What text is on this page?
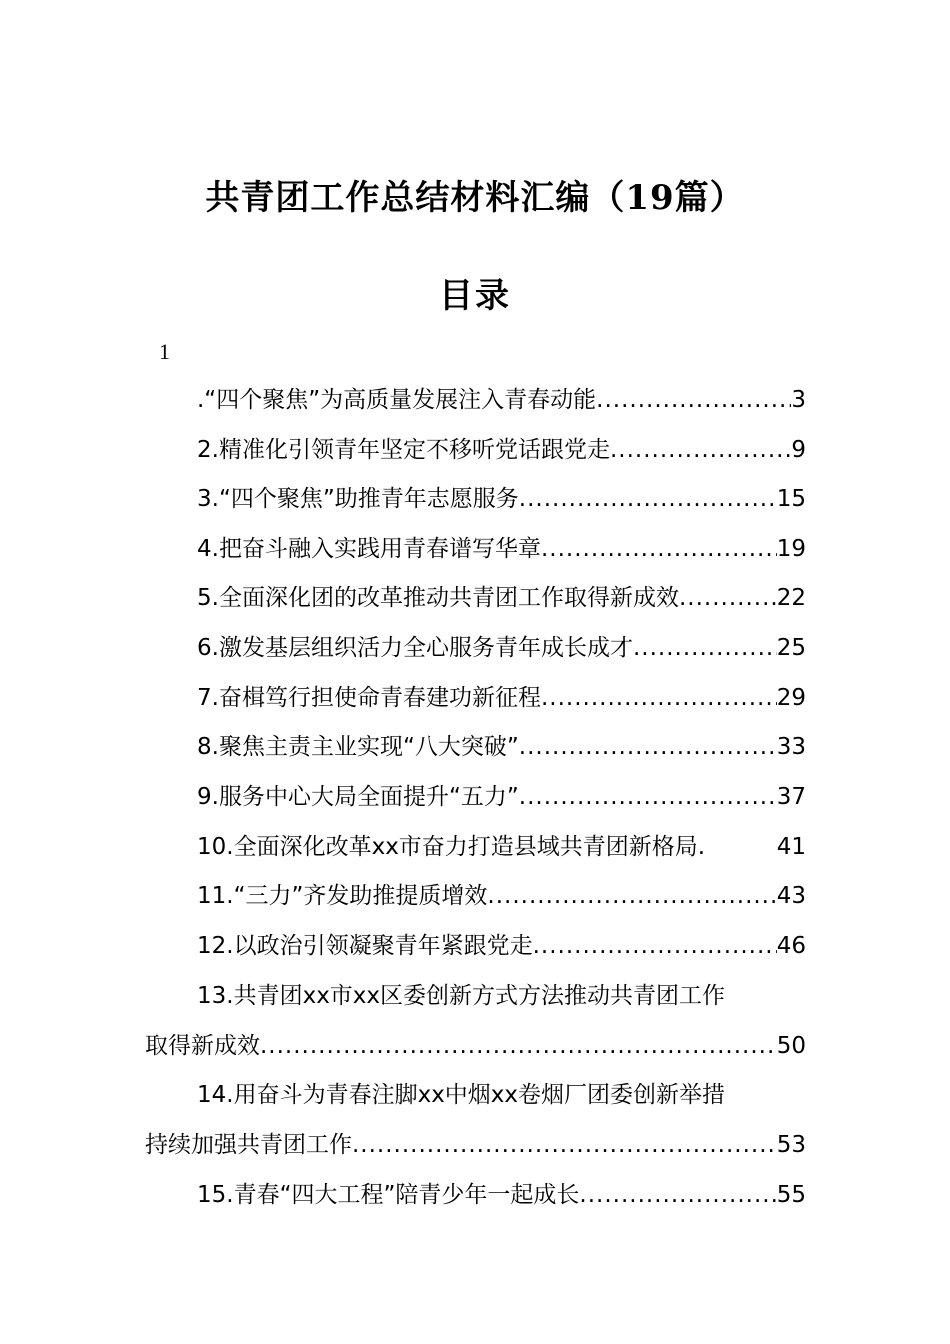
共青团工作总结材料汇编（19篇）
目录
1
.“四个聚焦”为高质量发展注入青春动能 .....	3
2.精准化引领青年坚定不移听党话跟党走 .....	9
3.“四个聚焦”助推青年志愿服务 .....	15
4.把奋斗融入实践用青春谱写华章 .....	19
5.全面深化团的改革推动共青团工作取得新成效 .....	22
6.激发基层组织活力全心服务青年成长成才 .....	25
7.奋楫笃行担使命青春建功新征程 .....	29
8.聚焦主责主业实现“八大突破” .....	33
9.服务中心大局全面提升“五力” .....	37
10.全面深化改革xx市奋力打造县域共青团新格局.	41
11.“三力”齐发助推提质增效 .....	43
12.以政治引领凝聚青年紧跟党走 .....	46
13.共青团xx市xx区委创新方式方法推动共青团工作
取得新成效 .....	50
14.用奋斗为青春注脚xx中烟xx卷烟厂团委创新举措
持续加强共青团工作 .....	53
15.青春“四大工程”陪青少年一起成长 .....	55
